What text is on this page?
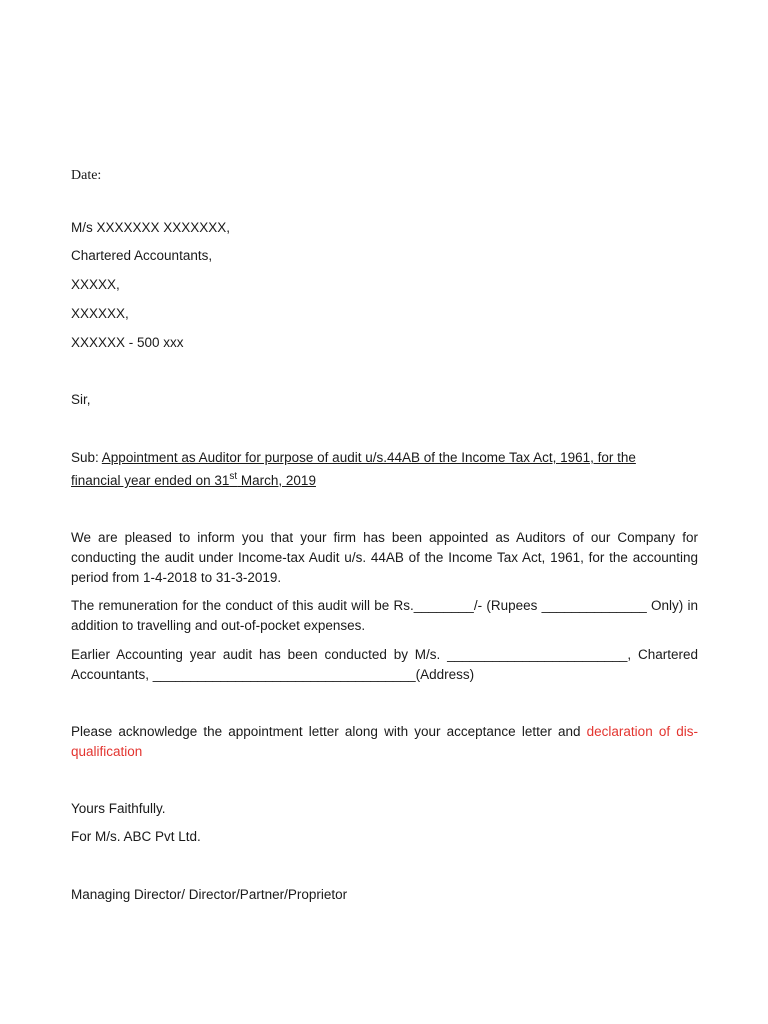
Date:
M/s XXXXXXX XXXXXXX,
Chartered Accountants,
XXXXX,
XXXXXX,
XXXXXX - 500 xxx
Sir,
Sub: Appointment as Auditor for purpose of audit u/s.44AB of the Income Tax Act, 1961, for the
financial year ended on 31st March, 2019
We are pleased to inform you that your firm has been appointed as Auditors of our Company for conducting the audit under Income-tax Audit u/s. 44AB of the Income Tax Act, 1961, for the accounting period from 1-4-2018 to 31-3-2019.
The remuneration for the conduct of this audit will be Rs.________/- (Rupees ______________ Only) in addition to travelling and out-of-pocket expenses.
Earlier Accounting year audit has been conducted by M/s. ________________________, Chartered Accountants, ___________________________________(Address)
Please acknowledge the appointment letter along with your acceptance letter and declaration of dis-qualification
Yours Faithfully.
For M/s. ABC Pvt Ltd.
Managing Director/ Director/Partner/Proprietor
